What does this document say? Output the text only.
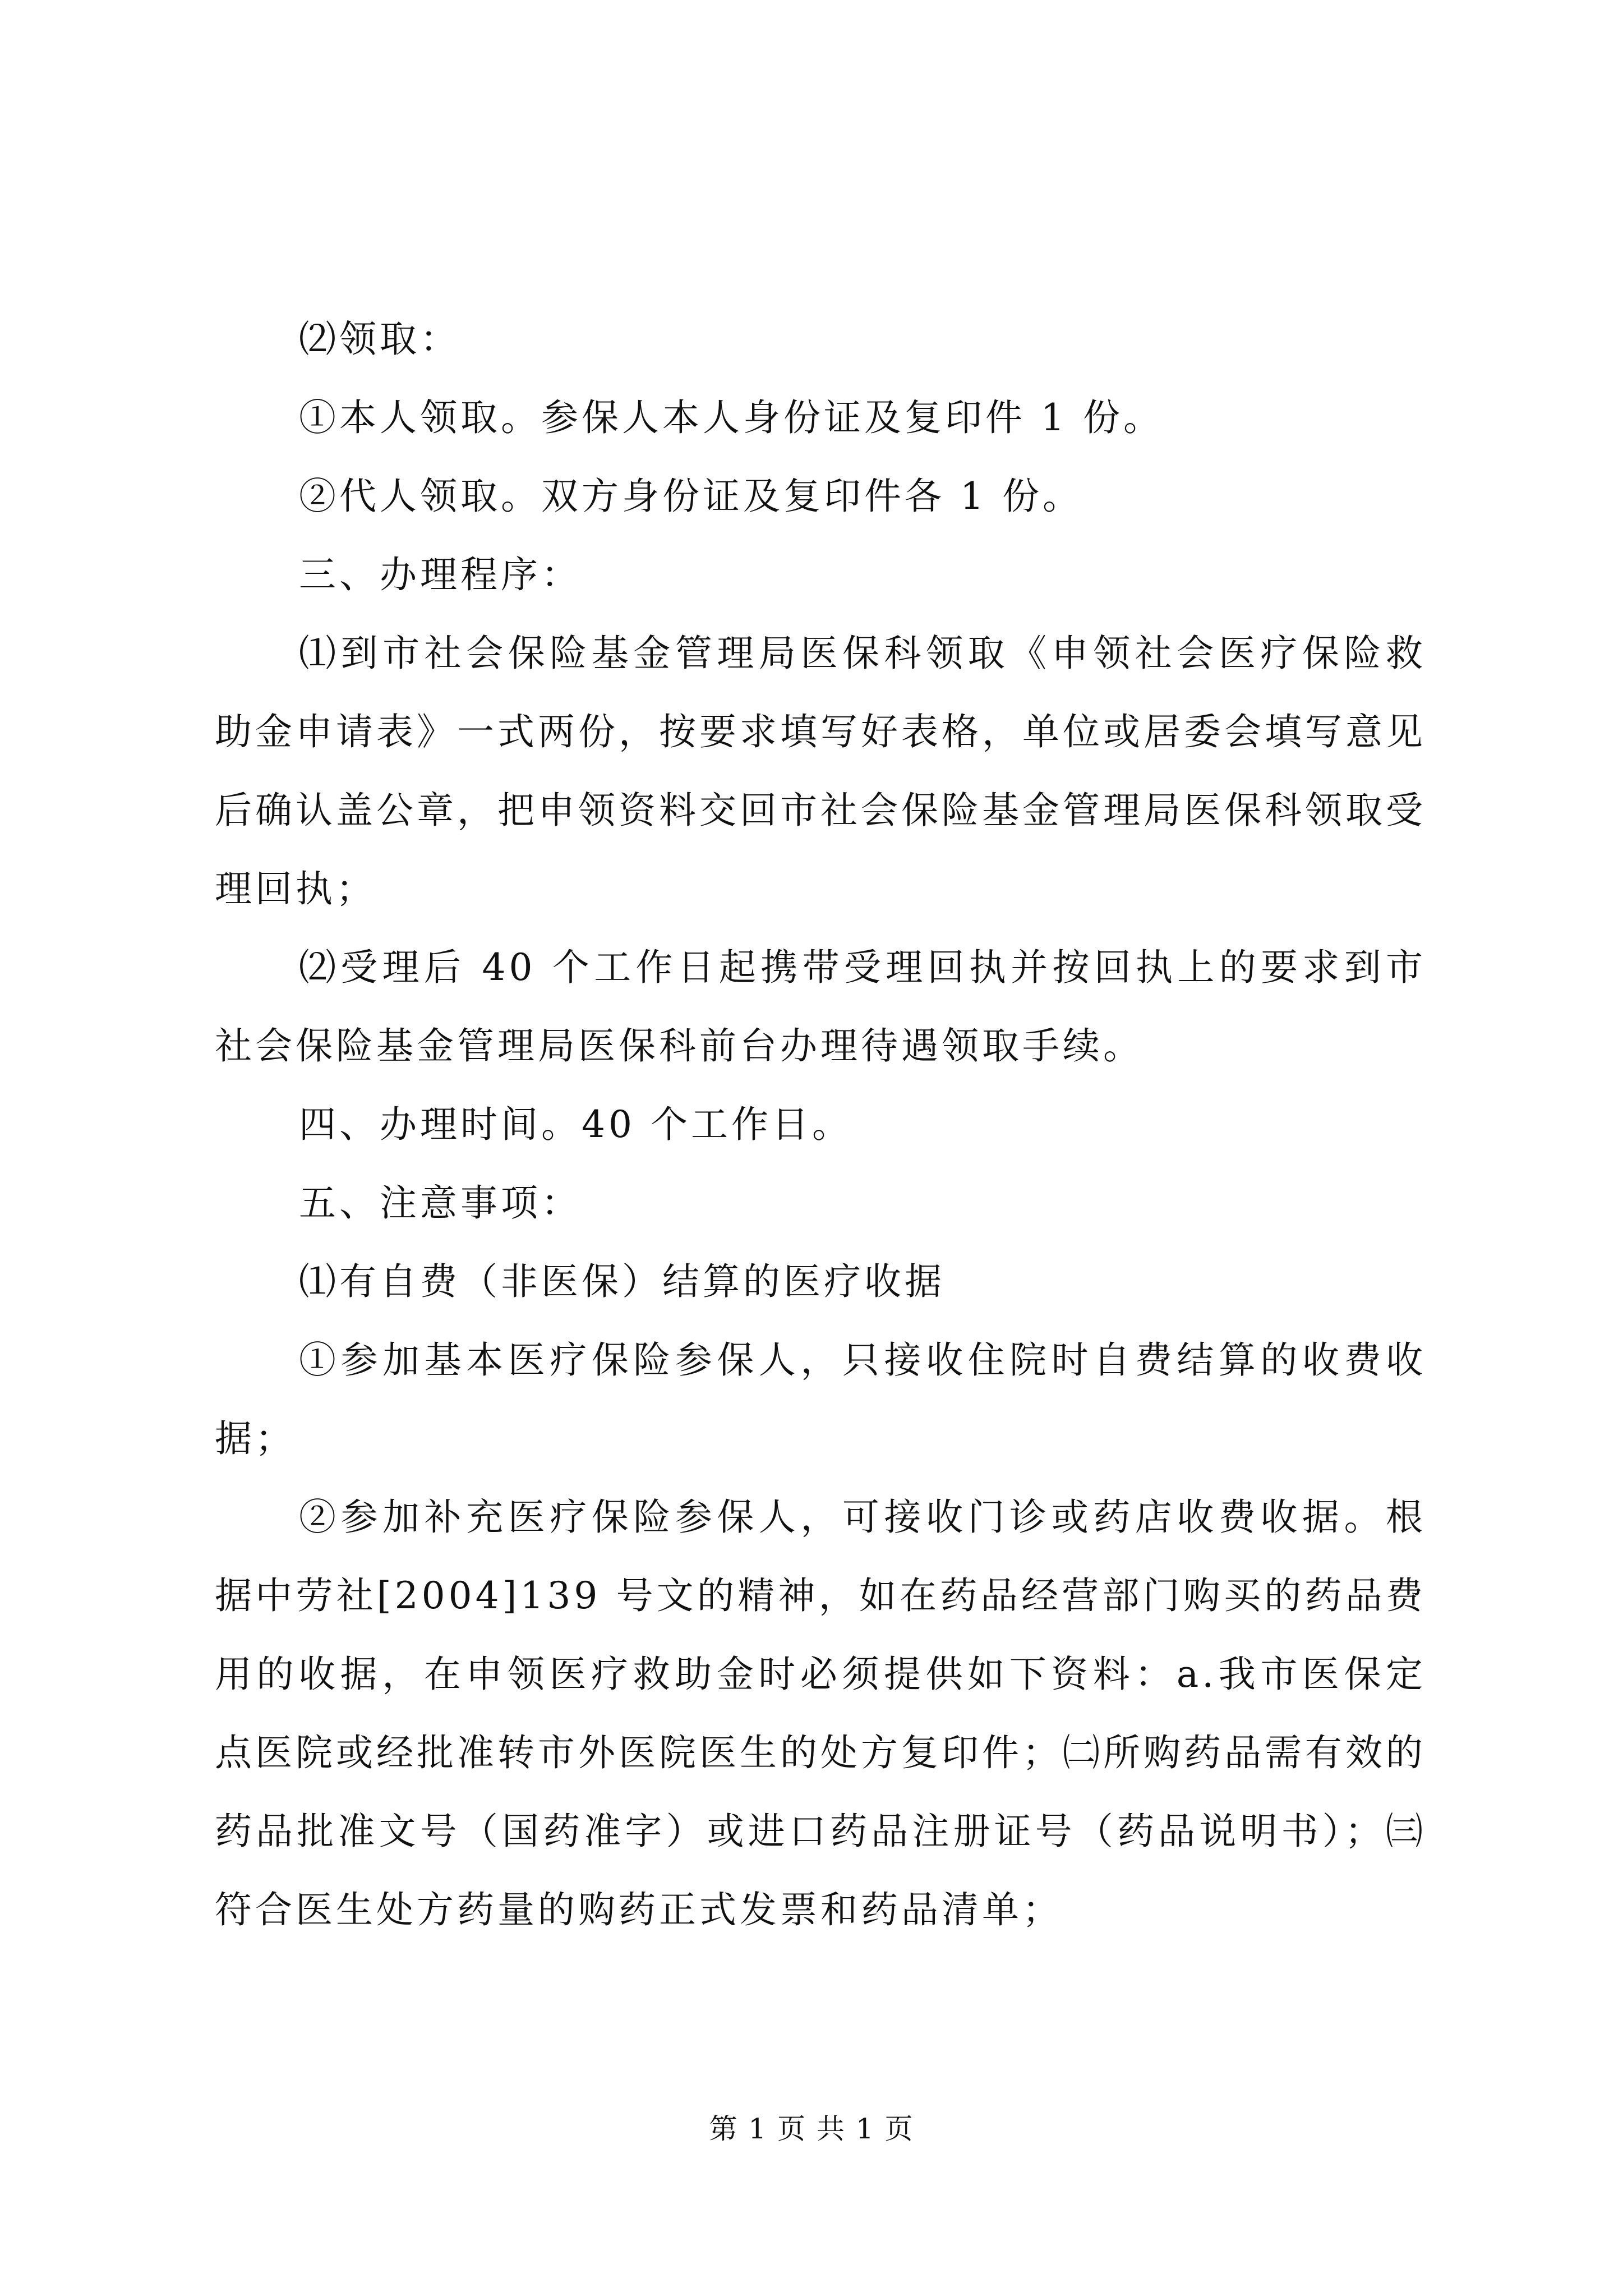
⑵领取：

①本人领取。参保人本人身份证及复印件 1 份。

②代人领取。双方身份证及复印件各 1 份。

三、办理程序：

⑴到市社会保险基金管理局医保科领取《申领社会医疗保险救助金申请表》一式两份，按要求填写好表格，单位或居委会填写意见后确认盖公章，把申领资料交回市社会保险基金管理局医保科领取受理回执；

⑵受理后 40 个工作日起携带受理回执并按回执上的要求到市社会保险基金管理局医保科前台办理待遇领取手续。

四、办理时间。40 个工作日。

五、注意事项：

⑴有自费（非医保）结算的医疗收据

①参加基本医疗保险参保人，只接收住院时自费结算的收费收据；

②参加补充医疗保险参保人，可接收门诊或药店收费收据。根据中劳社[2004]139 号文的精神，如在药品经营部门购买的药品费用的收据，在申领医疗救助金时必须提供如下资料：a.我市医保定点医院或经批准转市外医院医生的处方复印件；㈡所购药品需有效的药品批准文号（国药准字）或进口药品注册证号（药品说明书）；㈢符合医生处方药量的购药正式发票和药品清单；

第 1 页 共 1 页
